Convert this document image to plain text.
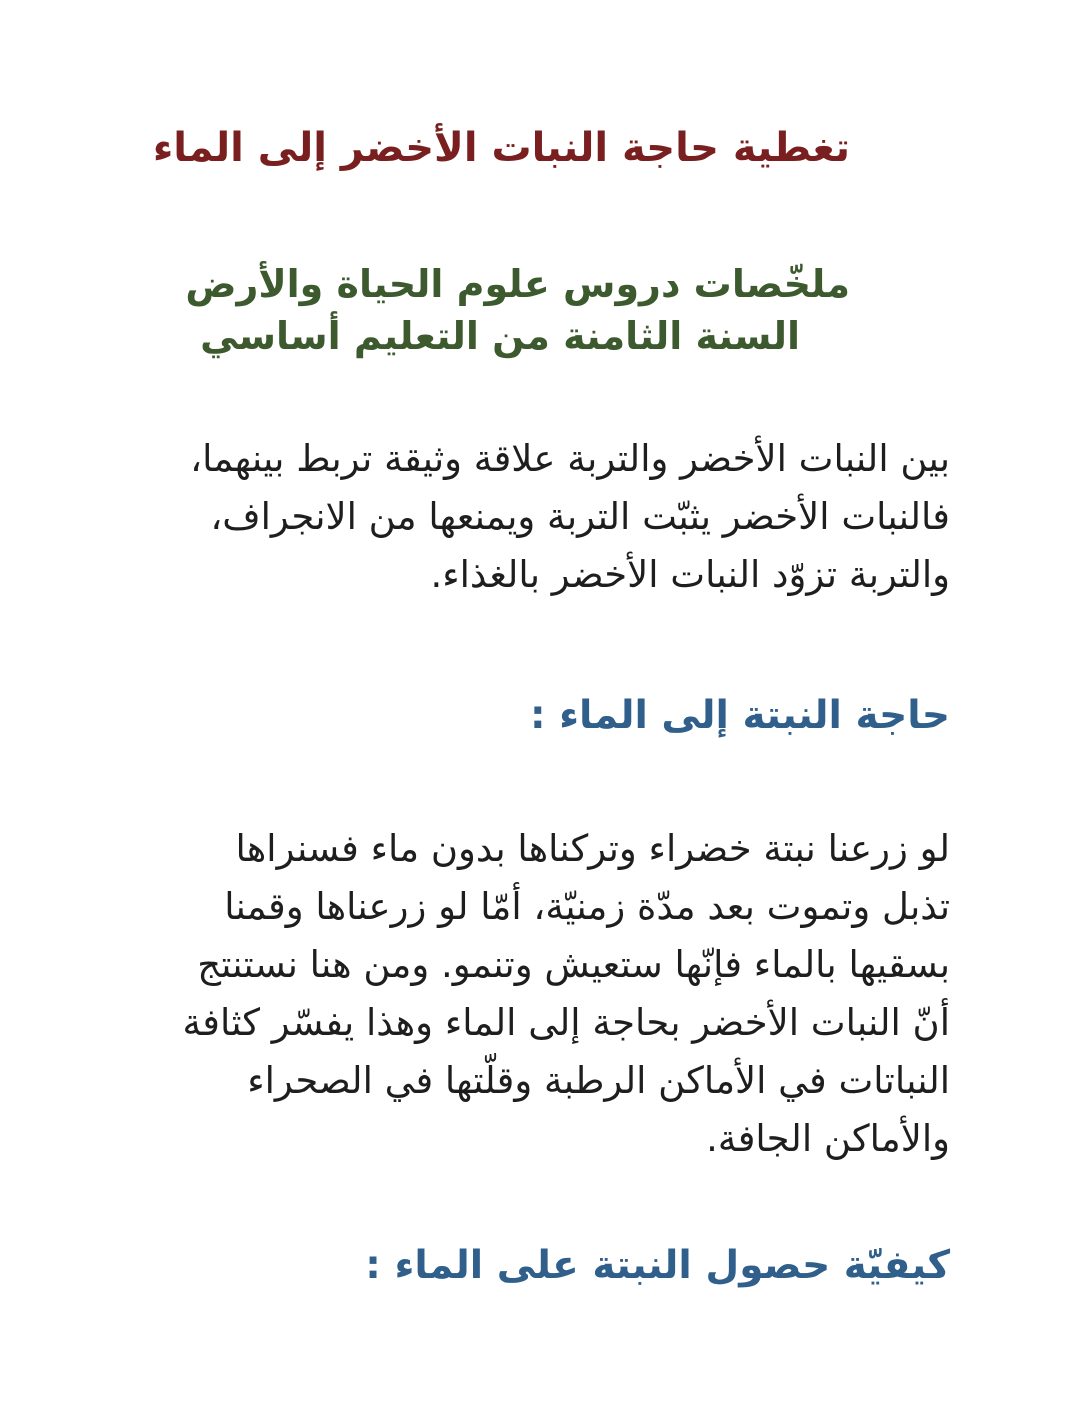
تغطية حاجة النبات الأخضر إلى الماء
ملخّصات دروس علوم الحياة والأرض
السنة الثامنة من التعليم أساسي
بين النبات الأخضر والتربة علاقة وثيقة تربط بينهما،
فالنبات الأخضر يثبّت التربة ويمنعها من الانجراف،
والتربة تزوّد النبات الأخضر بالغذاء.
حاجة النبتة إلى الماء :
لو زرعنا نبتة خضراء وتركناها بدون ماء فسنراها
تذبل وتموت بعد مدّة زمنيّة، أمّا لو زرعناها وقمنا
بسقيها بالماء فإنّها ستعيش وتنمو. ومن هنا نستنتج
أنّ النبات الأخضر بحاجة إلى الماء وهذا يفسّر كثافة
النباتات في الأماكن الرطبة وقلّتها في الصحراء
والأماكن الجافة.
كيفيّة حصول النبتة على الماء :
